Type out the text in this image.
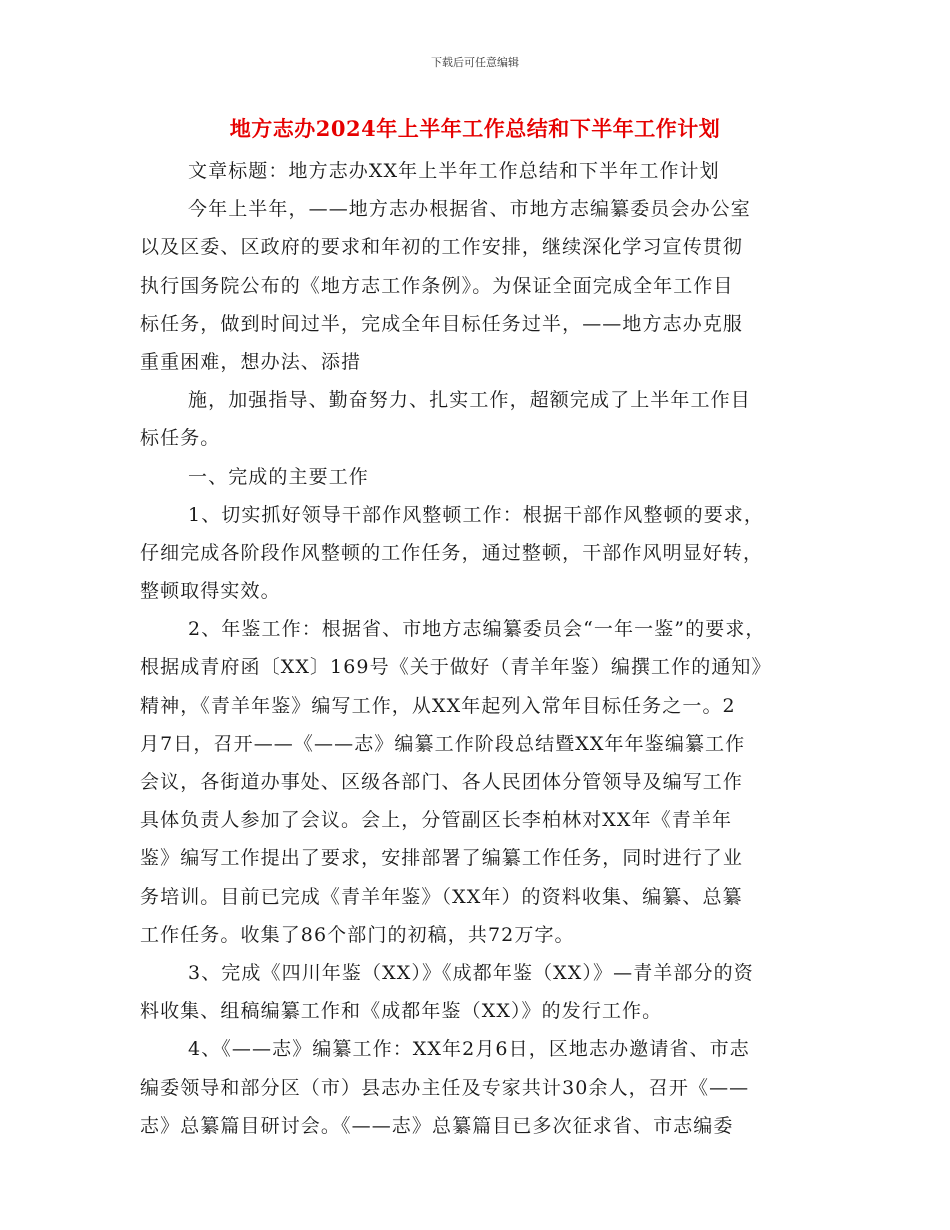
下载后可任意编辑
地方志办2024年上半年工作总结和下半年工作计划
文章标题：地方志办XX年上半年工作总结和下半年工作计划
今年上半年，——地方志办根据省、市地方志编纂委员会办公室
以及区委、区政府的要求和年初的工作安排，继续深化学习宣传贯彻
执行国务院公布的《地方志工作条例》。为保证全面完成全年工作目
标任务，做到时间过半，完成全年目标任务过半，——地方志办克服
重重困难，想办法、添措
施，加强指导、勤奋努力、扎实工作，超额完成了上半年工作目
标任务。
一、完成的主要工作
1、切实抓好领导干部作风整顿工作：根据干部作风整顿的要求，
仔细完成各阶段作风整顿的工作任务，通过整顿，干部作风明显好转，
整顿取得实效。
2、年鉴工作：根据省、市地方志编纂委员会“一年一鉴”的要求，
根据成青府函〔XX〕169号《关于做好（青羊年鉴）编撰工作的通知》
精神，《青羊年鉴》编写工作，从XX年起列入常年目标任务之一。2
月7日，召开——《——志》编纂工作阶段总结暨XX年年鉴编纂工作
会议，各街道办事处、区级各部门、各人民团体分管领导及编写工作
具体负责人参加了会议。会上，分管副区长李柏林对XX年《青羊年
鉴》编写工作提出了要求，安排部署了编纂工作任务，同时进行了业
务培训。目前已完成《青羊年鉴》（XX年）的资料收集、编纂、总纂
工作任务。收集了86个部门的初稿，共72万字。
3、完成《四川年鉴（XX）》《成都年鉴（XX）》—青羊部分的资
料收集、组稿编纂工作和《成都年鉴（XX）》的发行工作。
4、《——志》编纂工作：XX年2月6日，区地志办邀请省、市志
编委领导和部分区（市）县志办主任及专家共计30余人，召开《——
志》总纂篇目研讨会。《——志》总纂篇目已多次征求省、市志编委
